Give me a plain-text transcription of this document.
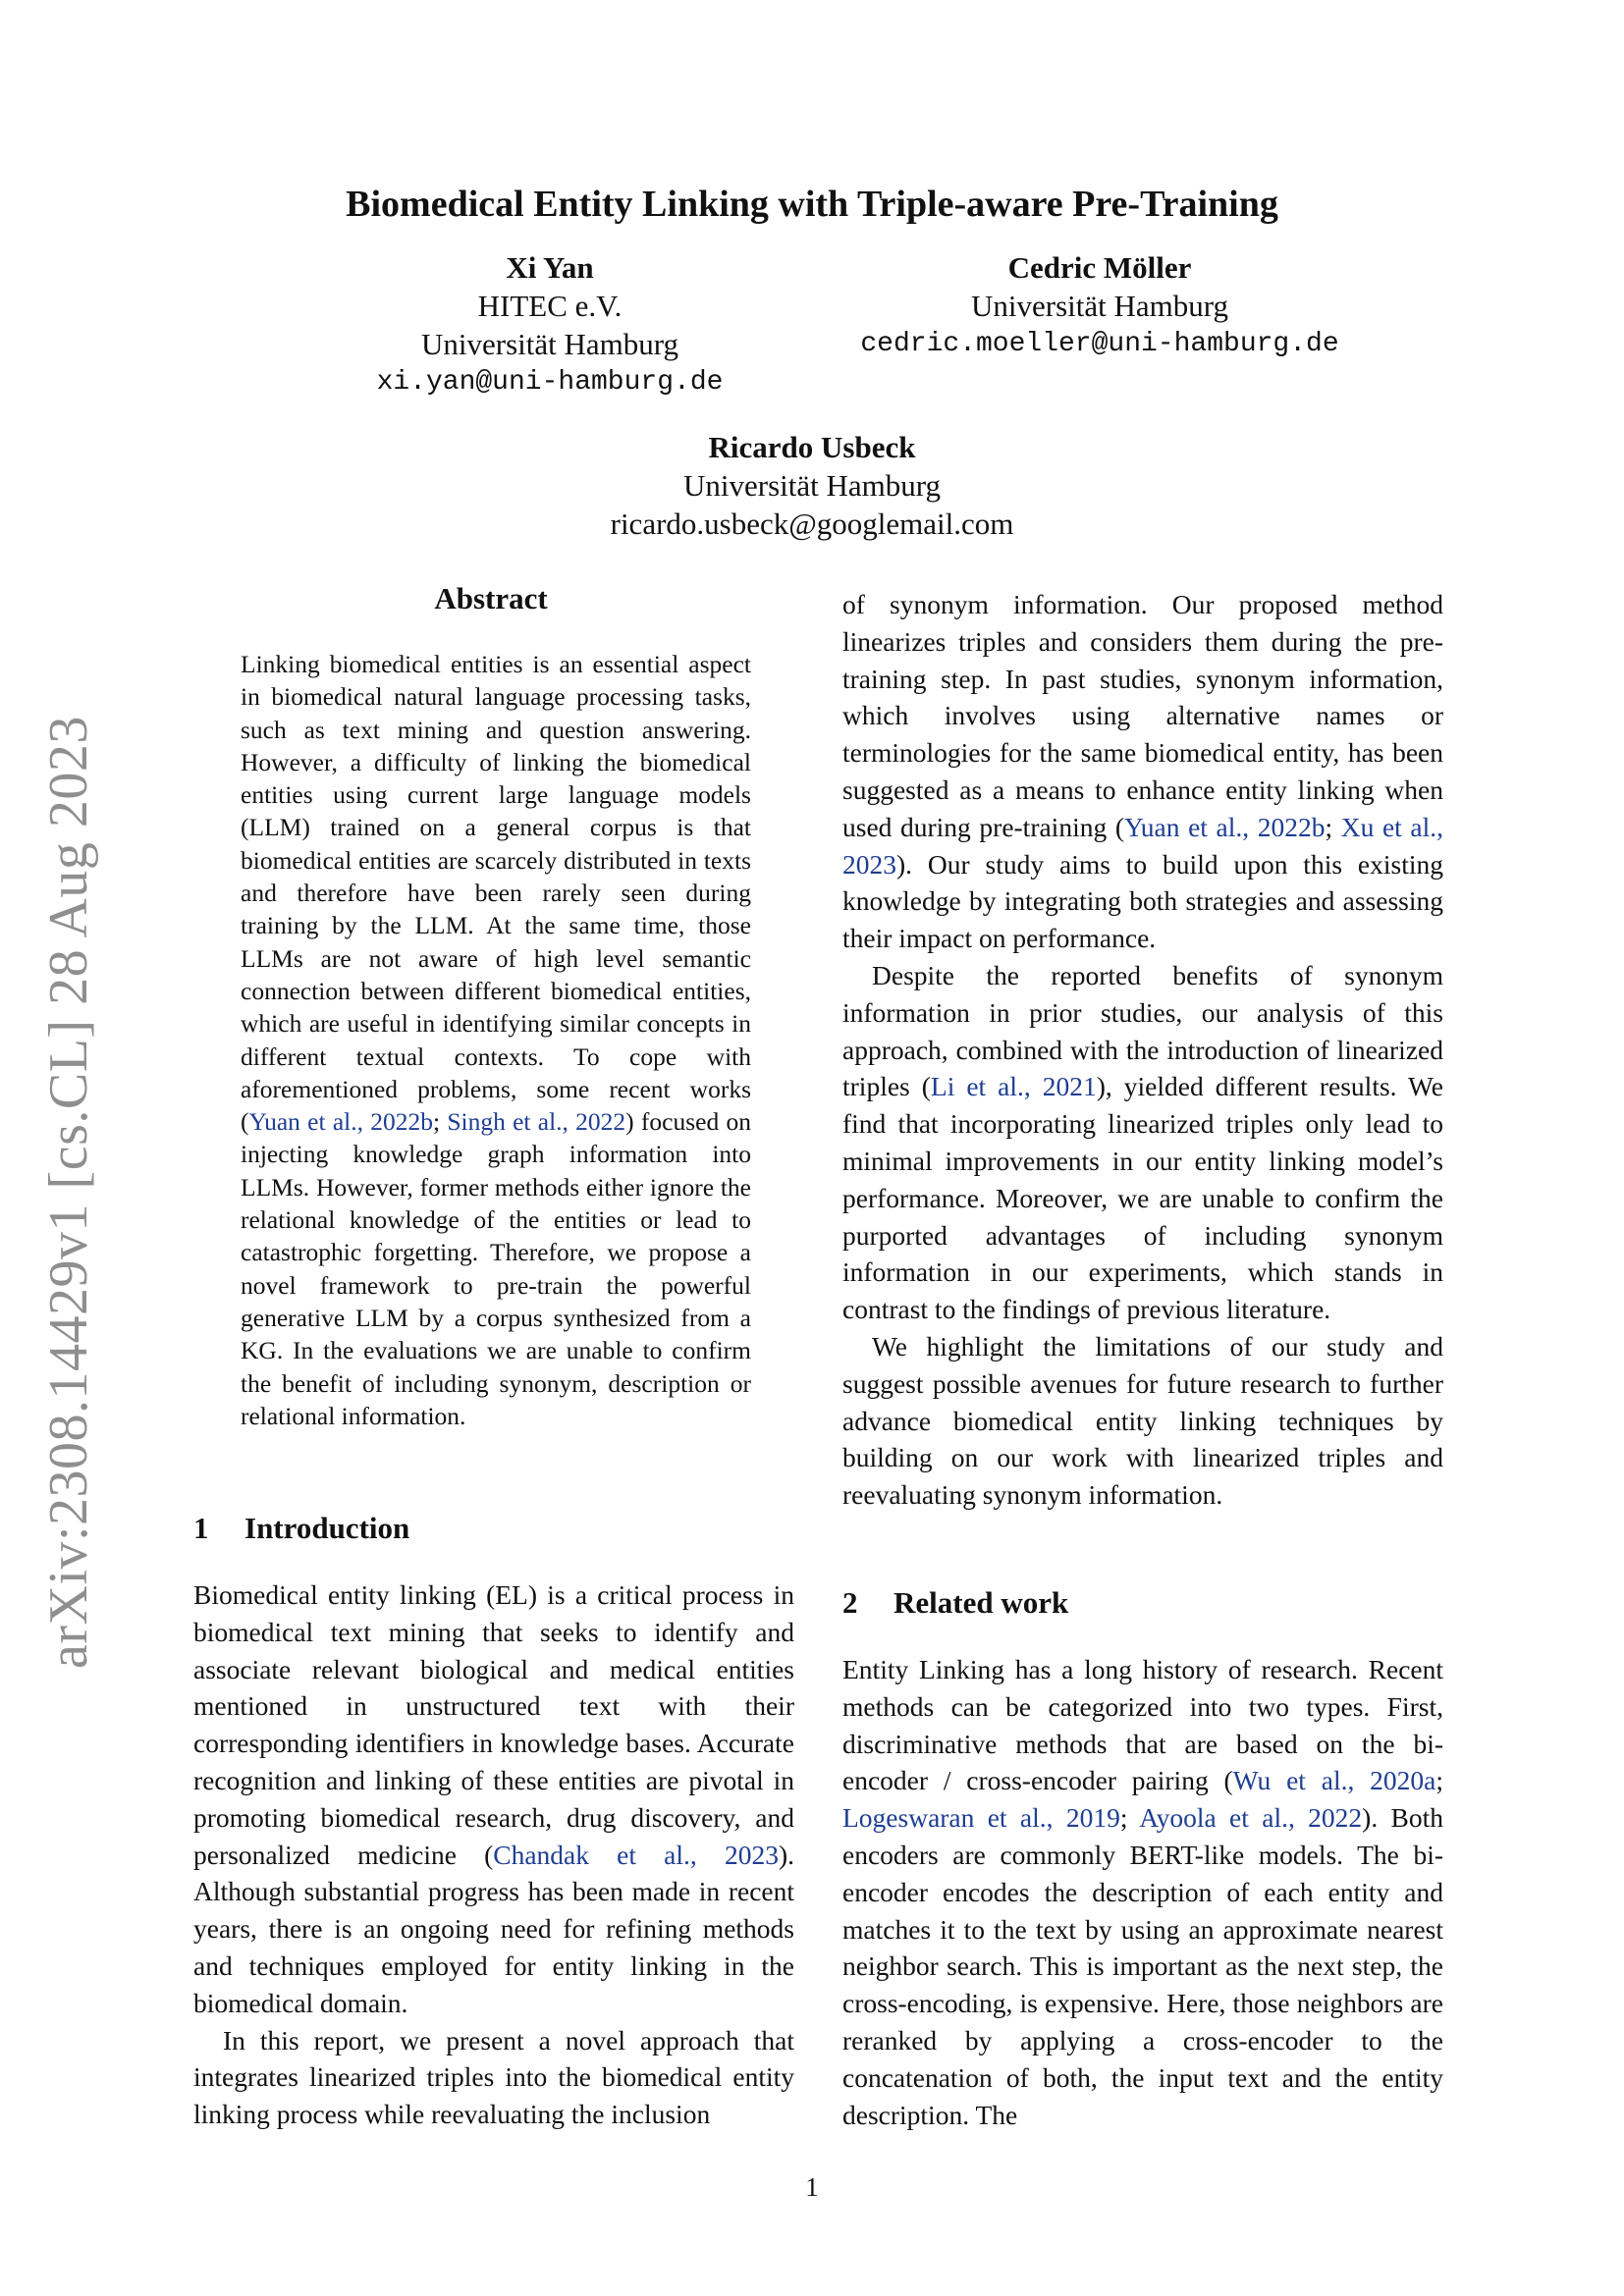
arXiv:2308.14429v1 [cs.CL] 28 Aug 2023
Biomedical Entity Linking with Triple-aware Pre-Training
Xi Yan
HITEC e.V.
Universität Hamburg
xi.yan@uni-hamburg.de
Cedric Möller
Universität Hamburg
cedric.moeller@uni-hamburg.de
Ricardo Usbeck
Universität Hamburg
ricardo.usbeck@googlemail.com
Abstract
Linking biomedical entities is an essential aspect in biomedical natural language processing tasks, such as text mining and question answering. However, a difficulty of linking the biomedical entities using current large language models (LLM) trained on a general corpus is that biomedical entities are scarcely distributed in texts and therefore have been rarely seen during training by the LLM. At the same time, those LLMs are not aware of high level semantic connection between different biomedical entities, which are useful in identifying similar concepts in different textual contexts. To cope with aforementioned problems, some recent works (Yuan et al., 2022b; Singh et al., 2022) focused on injecting knowledge graph information into LLMs. However, former methods either ignore the relational knowledge of the entities or lead to catastrophic forgetting. Therefore, we propose a novel framework to pre-train the powerful generative LLM by a corpus synthesized from a KG. In the evaluations we are unable to confirm the benefit of including synonym, description or relational information.
1 Introduction

Biomedical entity linking (EL) is a critical process in biomedical text mining that seeks to identify and associate relevant biological and medical entities mentioned in unstructured text with their corresponding identifiers in knowledge bases. Accurate recognition and linking of these entities are pivotal in promoting biomedical research, drug discovery, and personalized medicine (Chandak et al., 2023). Although substantial progress has been made in recent years, there is an ongoing need for refining methods and techniques employed for entity linking in the biomedical domain.

In this report, we present a novel approach that integrates linearized triples into the biomedical entity linking process while reevaluating the inclusion

of synonym information. Our proposed method linearizes triples and considers them during the pre-training step. In past studies, synonym information, which involves using alternative names or terminologies for the same biomedical entity, has been suggested as a means to enhance entity linking when used during pre-training (Yuan et al., 2022b; Xu et al., 2023). Our study aims to build upon this existing knowledge by integrating both strategies and assessing their impact on performance.

Despite the reported benefits of synonym information in prior studies, our analysis of this approach, combined with the introduction of linearized triples (Li et al., 2021), yielded different results. We find that incorporating linearized triples only lead to minimal improvements in our entity linking model’s performance. Moreover, we are unable to confirm the purported advantages of including synonym information in our experiments, which stands in contrast to the findings of previous literature.

We highlight the limitations of our study and suggest possible avenues for future research to further advance biomedical entity linking techniques by building on our work with linearized triples and reevaluating synonym information.

2 Related work

Entity Linking has a long history of research. Recent methods can be categorized into two types. First, discriminative methods that are based on the bi-encoder / cross-encoder pairing (Wu et al., 2020a; Logeswaran et al., 2019; Ayoola et al., 2022). Both encoders are commonly BERT-like models. The bi-encoder encodes the description of each entity and matches it to the text by using an approximate nearest neighbor search. This is important as the next step, the cross-encoding, is expensive. Here, those neighbors are reranked by applying a cross-encoder to the concatenation of both, the input text and the entity description. The

1
